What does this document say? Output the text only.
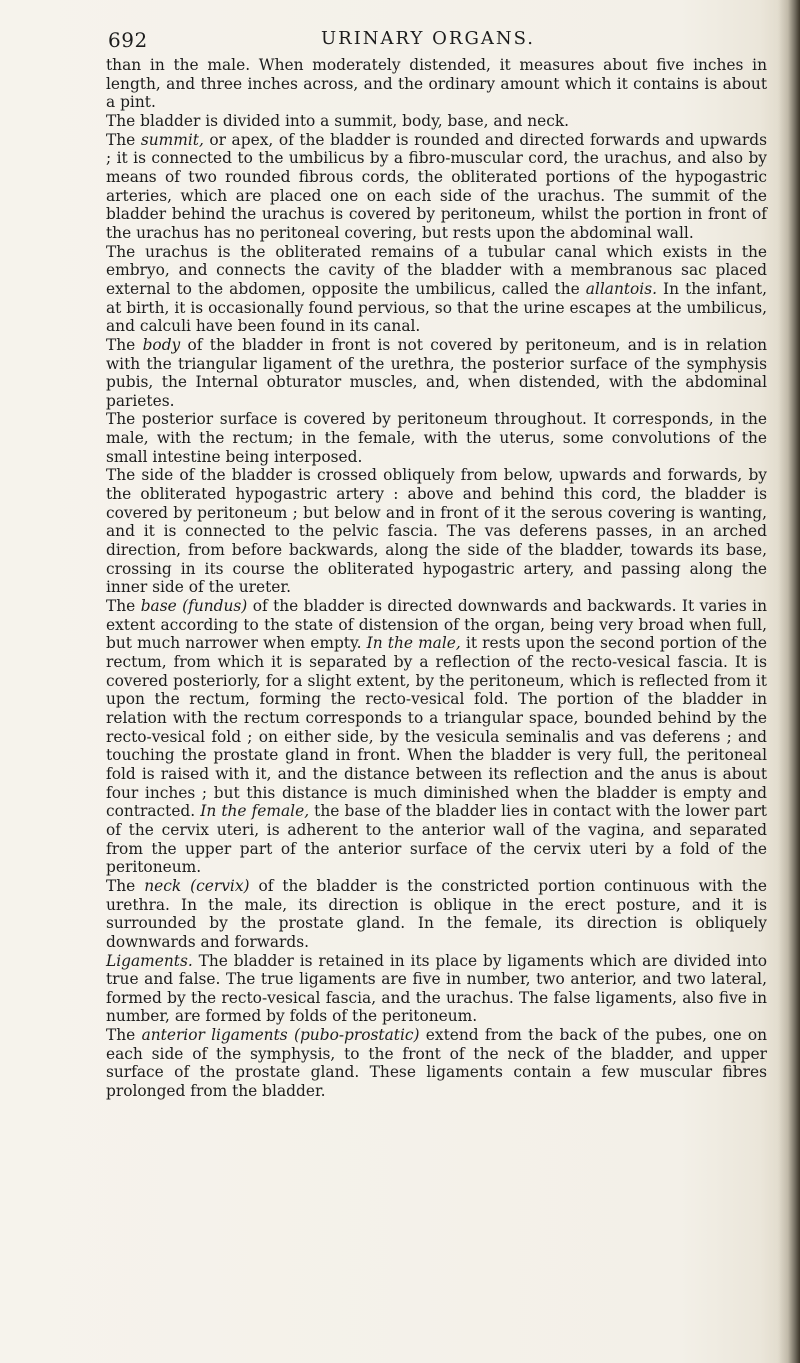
692	URINARY ORGANS.

than in the male. When moderately distended, it measures about five inches in length, and three inches across, and the ordinary amount which it contains is about a pint.

The bladder is divided into a summit, body, base, and neck.

The summit, or apex, of the bladder is rounded and directed forwards and upwards ; it is connected to the umbilicus by a fibro-muscular cord, the urachus, and also by means of two rounded fibrous cords, the obliterated portions of the hypogastric arteries, which are placed one on each side of the urachus. The summit of the bladder behind the urachus is covered by peritoneum, whilst the portion in front of the urachus has no peritoneal covering, but rests upon the abdominal wall.

The urachus is the obliterated remains of a tubular canal which exists in the embryo, and connects the cavity of the bladder with a membranous sac placed external to the abdomen, opposite the umbilicus, called the allantois. In the infant, at birth, it is occasionally found pervious, so that the urine escapes at the umbilicus, and calculi have been found in its canal.

The body of the bladder in front is not covered by peritoneum, and is in relation with the triangular ligament of the urethra, the posterior surface of the symphysis pubis, the Internal obturator muscles, and, when distended, with the abdominal parietes.

The posterior surface is covered by peritoneum throughout. It corresponds, in the male, with the rectum; in the female, with the uterus, some convolutions of the small intestine being interposed.

The side of the bladder is crossed obliquely from below, upwards and forwards, by the obliterated hypogastric artery : above and behind this cord, the bladder is covered by peritoneum ; but below and in front of it the serous covering is wanting, and it is connected to the pelvic fascia. The vas deferens passes, in an arched direction, from before backwards, along the side of the bladder, towards its base, crossing in its course the obliterated hypogastric artery, and passing along the inner side of the ureter.

The base (fundus) of the bladder is directed downwards and backwards. It varies in extent according to the state of distension of the organ, being very broad when full, but much narrower when empty. In the male, it rests upon the second portion of the rectum, from which it is separated by a reflection of the recto-vesical fascia. It is covered posteriorly, for a slight extent, by the peritoneum, which is reflected from it upon the rectum, forming the recto-vesical fold. The portion of the bladder in relation with the rectum corresponds to a triangular space, bounded behind by the recto-vesical fold ; on either side, by the vesicula seminalis and vas deferens ; and touching the prostate gland in front. When the bladder is very full, the peritoneal fold is raised with it, and the distance between its reflection and the anus is about four inches ; but this distance is much diminished when the bladder is empty and contracted. In the female, the base of the bladder lies in contact with the lower part of the cervix uteri, is adherent to the anterior wall of the vagina, and separated from the upper part of the anterior surface of the cervix uteri by a fold of the peritoneum.

The neck (cervix) of the bladder is the constricted portion continuous with the urethra. In the male, its direction is oblique in the erect posture, and it is surrounded by the prostate gland. In the female, its direction is obliquely downwards and forwards.

Ligaments. The bladder is retained in its place by ligaments which are divided into true and false. The true ligaments are five in number, two anterior, and two lateral, formed by the recto-vesical fascia, and the urachus. The false ligaments, also five in number, are formed by folds of the peritoneum.

The anterior ligaments (pubo-prostatic) extend from the back of the pubes, one on each side of the symphysis, to the front of the neck of the bladder, and upper surface of the prostate gland. These ligaments contain a few muscular fibres prolonged from the bladder.
